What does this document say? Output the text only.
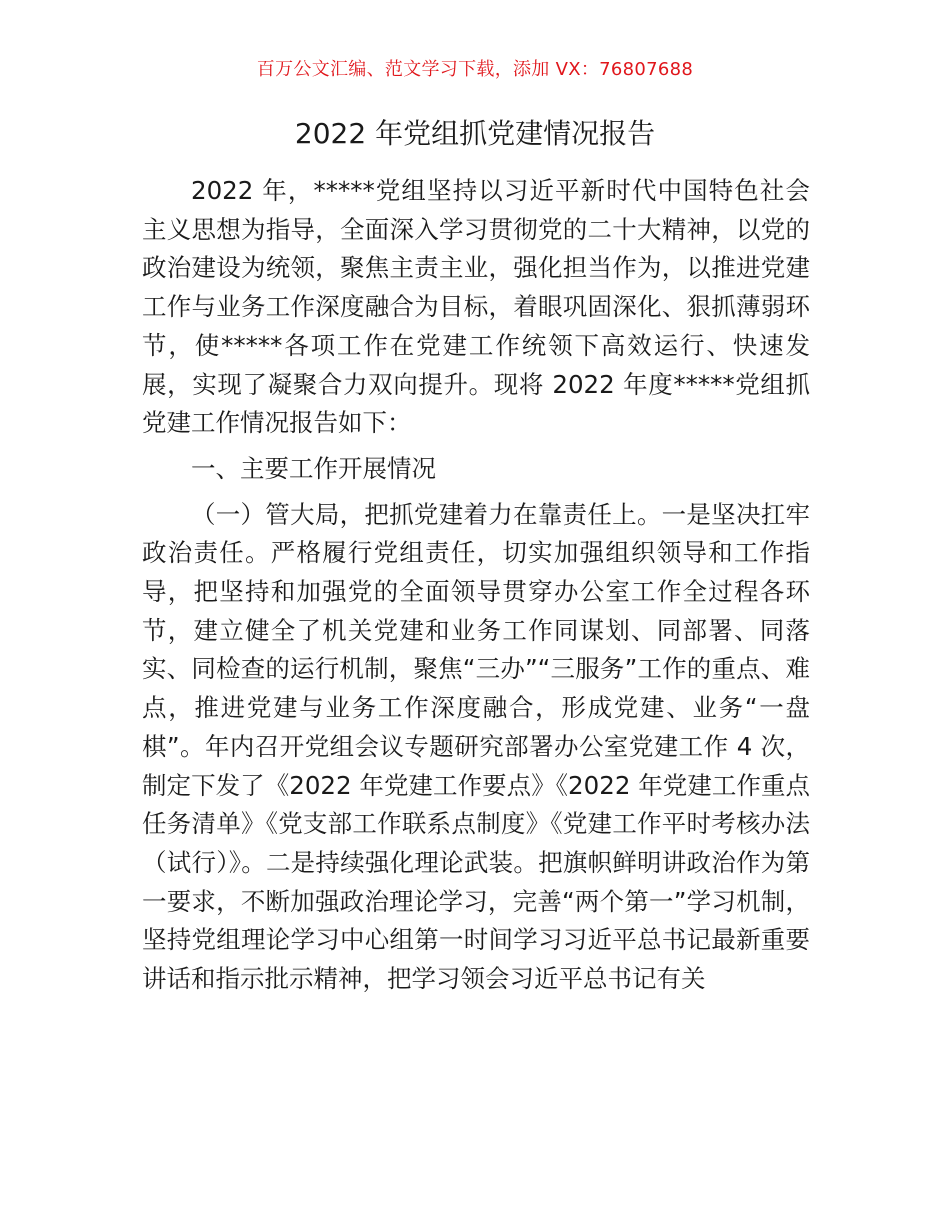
百万公文汇编、范文学习下载，添加 VX：76807688
2022 年党组抓党建情况报告

2022 年，*****党组坚持以习近平新时代中国特色社会主义思想为指导，全面深入学习贯彻党的二十大精神，以党的政治建设为统领，聚焦主责主业，强化担当作为，以推进党建工作与业务工作深度融合为目标，着眼巩固深化、狠抓薄弱环节，使*****各项工作在党建工作统领下高效运行、快速发展，实现了凝聚合力双向提升。现将 2022 年度*****党组抓党建工作情况报告如下：

一、主要工作开展情况

（一）管大局，把抓党建着力在靠责任上。一是坚决扛牢政治责任。严格履行党组责任，切实加强组织领导和工作指导，把坚持和加强党的全面领导贯穿办公室工作全过程各环节，建立健全了机关党建和业务工作同谋划、同部署、同落实、同检查的运行机制，聚焦“三办”“三服务”工作的重点、难点，推进党建与业务工作深度融合，形成党建、业务“一盘棋”。年内召开党组会议专题研究部署办公室党建工作 4 次，制定下发了《2022 年党建工作要点》《2022 年党建工作重点任务清单》《党支部工作联系点制度》《党建工作平时考核办法（试行）》。二是持续强化理论武装。把旗帜鲜明讲政治作为第一要求，不断加强政治理论学习，完善“两个第一”学习机制，坚持党组理论学习中心组第一时间学习习近平总书记最新重要讲话和指示批示精神，把学习领会习近平总书记有关
